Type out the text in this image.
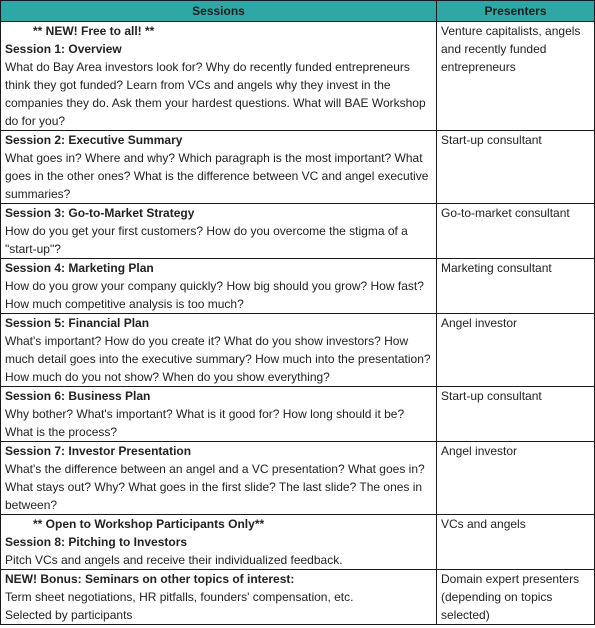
Sessions	Presenters

** NEW! Free to all! **
Session 1: Overview
What do Bay Area investors look for? Why do recently funded entrepreneurs think they got funded? Learn from VCs and angels why they invest in the companies they do. Ask them your hardest questions. What will BAE Workshop do for you?	Venture capitalists, angels and recently funded entrepreneurs

Session 2: Executive Summary
What goes in? Where and why? Which paragraph is the most important? What goes in the other ones? What is the difference between VC and angel executive summaries?	Start-up consultant

Session 3: Go-to-Market Strategy
How do you get your first customers? How do you overcome the stigma of a "start-up"?	Go-to-market consultant

Session 4: Marketing Plan
How do you grow your company quickly? How big should you grow? How fast? How much competitive analysis is too much?	Marketing consultant

Session 5: Financial Plan
What's important? How do you create it? What do you show investors? How much detail goes into the executive summary? How much into the presentation? How much do you not show? When do you show everything?	Angel investor

Session 6: Business Plan
Why bother? What's important? What is it good for? How long should it be? What is the process?	Start-up consultant

Session 7: Investor Presentation
What's the difference between an angel and a VC presentation? What goes in? What stays out? Why? What goes in the first slide? The last slide? The ones in between?	Angel investor

** Open to Workshop Participants Only**
Session 8: Pitching to Investors
Pitch VCs and angels and receive their individualized feedback.	VCs and angels

NEW! Bonus: Seminars on other topics of interest:
Term sheet negotiations, HR pitfalls, founders' compensation, etc.
Selected by participants	Domain expert presenters (depending on topics selected)
